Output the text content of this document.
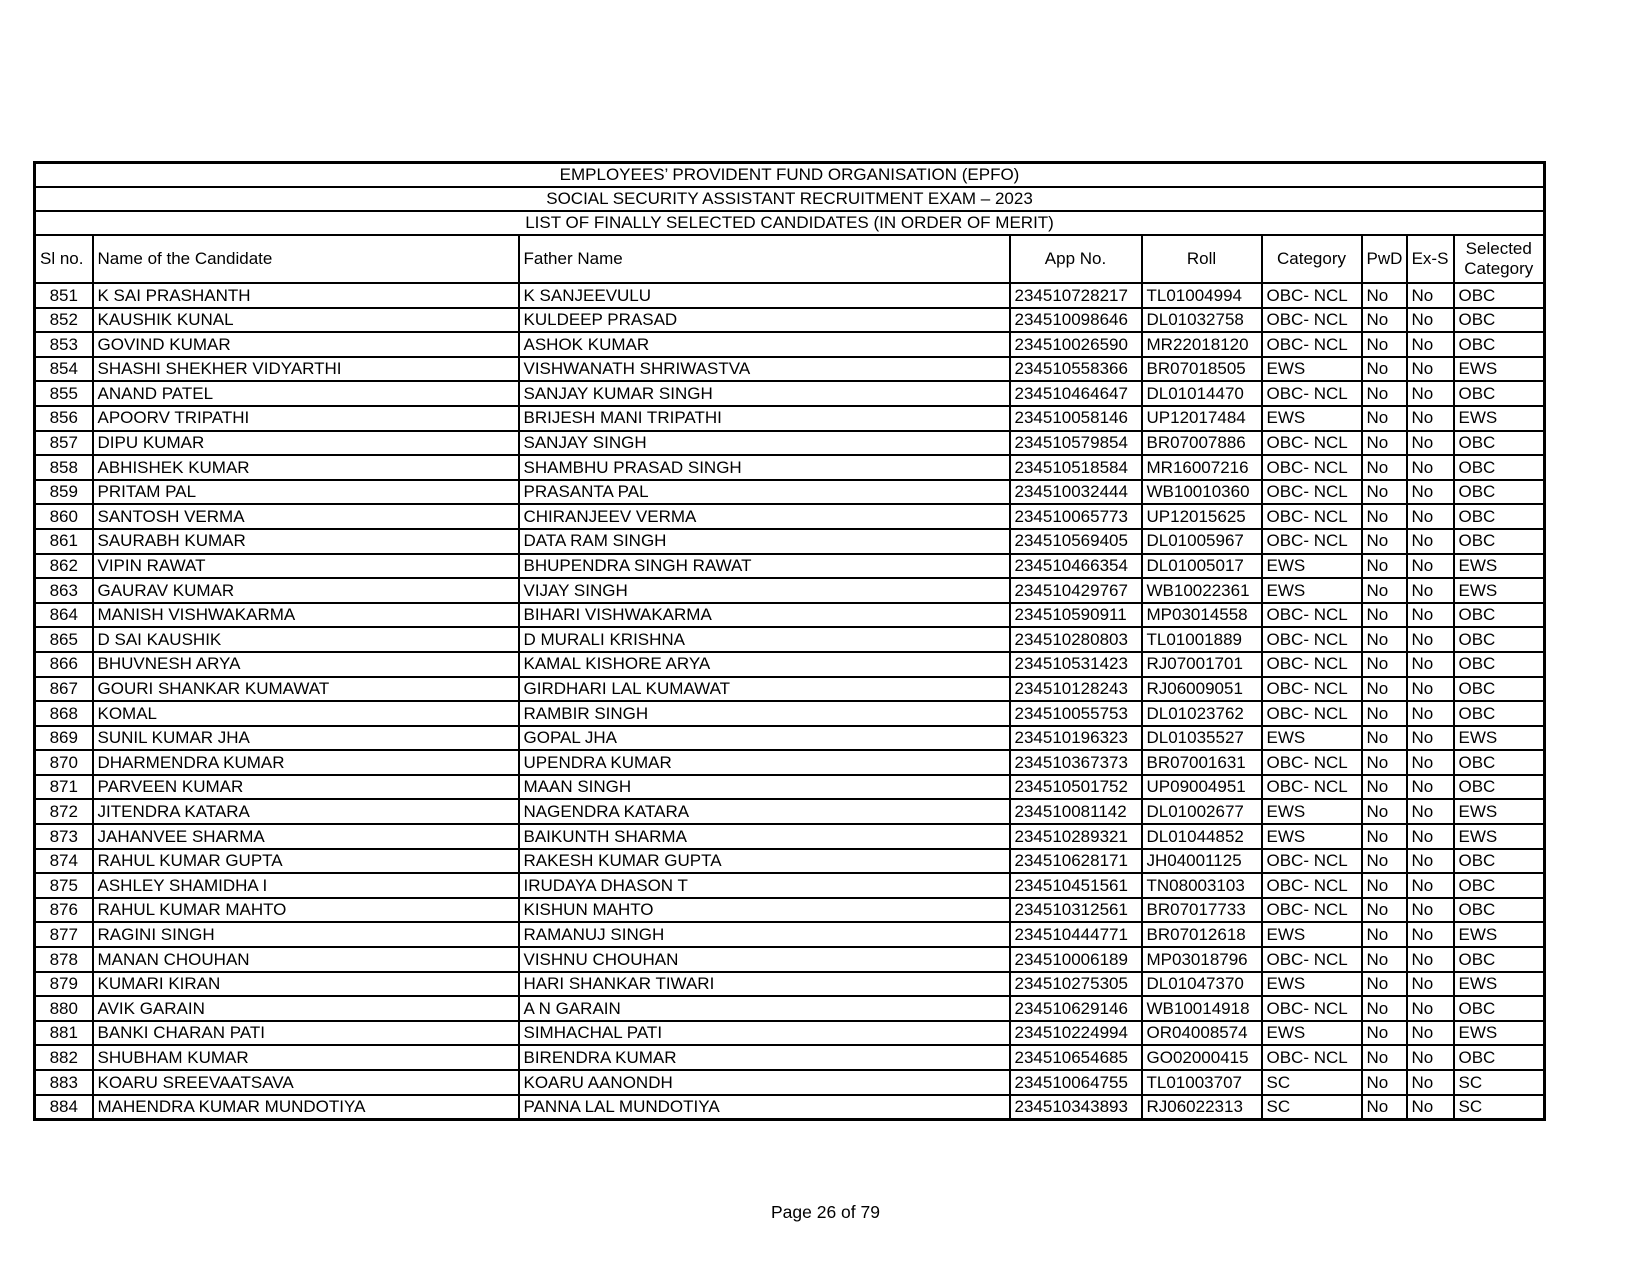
EMPLOYEES’ PROVIDENT FUND ORGANISATION (EPFO)								
SOCIAL SECURITY ASSISTANT RECRUITMENT EXAM – 2023								
LIST OF FINALLY SELECTED CANDIDATES (IN ORDER OF MERIT)								
Sl no.	Name of the Candidate	Father Name	App No.	Roll	Category	PwD	Ex-S	Selected Category
851	K SAI PRASHANTH	K SANJEEVULU	234510728217	TL01004994	OBC- NCL	No	No	OBC
852	KAUSHIK KUNAL	KULDEEP PRASAD	234510098646	DL01032758	OBC- NCL	No	No	OBC
853	GOVIND KUMAR	ASHOK KUMAR	234510026590	MR22018120	OBC- NCL	No	No	OBC
854	SHASHI SHEKHER VIDYARTHI	VISHWANATH SHRIWASTVA	234510558366	BR07018505	EWS	No	No	EWS
855	ANAND PATEL	SANJAY KUMAR SINGH	234510464647	DL01014470	OBC- NCL	No	No	OBC
856	APOORV TRIPATHI	BRIJESH MANI TRIPATHI	234510058146	UP12017484	EWS	No	No	EWS
857	DIPU KUMAR	SANJAY SINGH	234510579854	BR07007886	OBC- NCL	No	No	OBC
858	ABHISHEK KUMAR	SHAMBHU PRASAD SINGH	234510518584	MR16007216	OBC- NCL	No	No	OBC
859	PRITAM PAL	PRASANTA PAL	234510032444	WB10010360	OBC- NCL	No	No	OBC
860	SANTOSH VERMA	CHIRANJEEV VERMA	234510065773	UP12015625	OBC- NCL	No	No	OBC
861	SAURABH KUMAR	DATA RAM SINGH	234510569405	DL01005967	OBC- NCL	No	No	OBC
862	VIPIN RAWAT	BHUPENDRA SINGH RAWAT	234510466354	DL01005017	EWS	No	No	EWS
863	GAURAV KUMAR	VIJAY SINGH	234510429767	WB10022361	EWS	No	No	EWS
864	MANISH VISHWAKARMA	BIHARI VISHWAKARMA	234510590911	MP03014558	OBC- NCL	No	No	OBC
865	D SAI KAUSHIK	D MURALI KRISHNA	234510280803	TL01001889	OBC- NCL	No	No	OBC
866	BHUVNESH ARYA	KAMAL KISHORE ARYA	234510531423	RJ07001701	OBC- NCL	No	No	OBC
867	GOURI SHANKAR KUMAWAT	GIRDHARI LAL KUMAWAT	234510128243	RJ06009051	OBC- NCL	No	No	OBC
868	KOMAL	RAMBIR SINGH	234510055753	DL01023762	OBC- NCL	No	No	OBC
869	SUNIL KUMAR JHA	GOPAL JHA	234510196323	DL01035527	EWS	No	No	EWS
870	DHARMENDRA KUMAR	UPENDRA KUMAR	234510367373	BR07001631	OBC- NCL	No	No	OBC
871	PARVEEN KUMAR	MAAN SINGH	234510501752	UP09004951	OBC- NCL	No	No	OBC
872	JITENDRA KATARA	NAGENDRA KATARA	234510081142	DL01002677	EWS	No	No	EWS
873	JAHANVEE SHARMA	BAIKUNTH SHARMA	234510289321	DL01044852	EWS	No	No	EWS
874	RAHUL KUMAR GUPTA	RAKESH KUMAR GUPTA	234510628171	JH04001125	OBC- NCL	No	No	OBC
875	ASHLEY SHAMIDHA I	IRUDAYA DHASON T	234510451561	TN08003103	OBC- NCL	No	No	OBC
876	RAHUL KUMAR MAHTO	KISHUN MAHTO	234510312561	BR07017733	OBC- NCL	No	No	OBC
877	RAGINI SINGH	RAMANUJ SINGH	234510444771	BR07012618	EWS	No	No	EWS
878	MANAN CHOUHAN	VISHNU CHOUHAN	234510006189	MP03018796	OBC- NCL	No	No	OBC
879	KUMARI KIRAN	HARI SHANKAR TIWARI	234510275305	DL01047370	EWS	No	No	EWS
880	AVIK GARAIN	A N GARAIN	234510629146	WB10014918	OBC- NCL	No	No	OBC
881	BANKI CHARAN PATI	SIMHACHAL PATI	234510224994	OR04008574	EWS	No	No	EWS
882	SHUBHAM KUMAR	BIRENDRA KUMAR	234510654685	GO02000415	OBC- NCL	No	No	OBC
883	KOARU SREEVAATSAVA	KOARU AANONDH	234510064755	TL01003707	SC	No	No	SC
884	MAHENDRA KUMAR MUNDOTIYA	PANNA LAL MUNDOTIYA	234510343893	RJ06022313	SC	No	No	SC
Page 26 of 79
